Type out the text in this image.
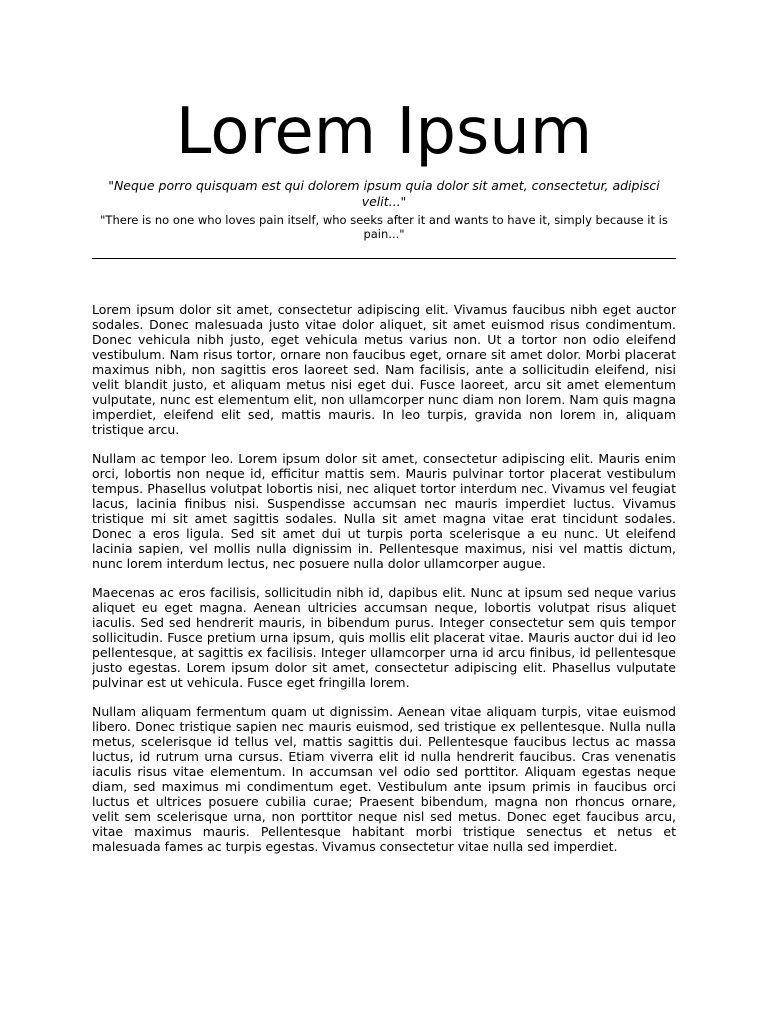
Lorem Ipsum

"Neque porro quisquam est qui dolorem ipsum quia dolor sit amet, consectetur, adipisci velit..."

"There is no one who loves pain itself, who seeks after it and wants to have it, simply because it is pain..."

Lorem ipsum dolor sit amet, consectetur adipiscing elit. Vivamus faucibus nibh eget auctor sodales. Donec malesuada justo vitae dolor aliquet, sit amet euismod risus condimentum. Donec vehicula nibh justo, eget vehicula metus varius non. Ut a tortor non odio eleifend vestibulum. Nam risus tortor, ornare non faucibus eget, ornare sit amet dolor. Morbi placerat maximus nibh, non sagittis eros laoreet sed. Nam facilisis, ante a sollicitudin eleifend, nisi velit blandit justo, et aliquam metus nisi eget dui. Fusce laoreet, arcu sit amet elementum vulputate, nunc est elementum elit, non ullamcorper nunc diam non lorem. Nam quis magna imperdiet, eleifend elit sed, mattis mauris. In leo turpis, gravida non lorem in, aliquam tristique arcu.

Nullam ac tempor leo. Lorem ipsum dolor sit amet, consectetur adipiscing elit. Mauris enim orci, lobortis non neque id, efficitur mattis sem. Mauris pulvinar tortor placerat vestibulum tempus. Phasellus volutpat lobortis nisi, nec aliquet tortor interdum nec. Vivamus vel feugiat lacus, lacinia finibus nisi. Suspendisse accumsan nec mauris imperdiet luctus. Vivamus tristique mi sit amet sagittis sodales. Nulla sit amet magna vitae erat tincidunt sodales. Donec a eros ligula. Sed sit amet dui ut turpis porta scelerisque a eu nunc. Ut eleifend lacinia sapien, vel mollis nulla dignissim in. Pellentesque maximus, nisi vel mattis dictum, nunc lorem interdum lectus, nec posuere nulla dolor ullamcorper augue.

Maecenas ac eros facilisis, sollicitudin nibh id, dapibus elit. Nunc at ipsum sed neque varius aliquet eu eget magna. Aenean ultricies accumsan neque, lobortis volutpat risus aliquet iaculis. Sed sed hendrerit mauris, in bibendum purus. Integer consectetur sem quis tempor sollicitudin. Fusce pretium urna ipsum, quis mollis elit placerat vitae. Mauris auctor dui id leo pellentesque, at sagittis ex facilisis. Integer ullamcorper urna id arcu finibus, id pellentesque justo egestas. Lorem ipsum dolor sit amet, consectetur adipiscing elit. Phasellus vulputate pulvinar est ut vehicula. Fusce eget fringilla lorem.

Nullam aliquam fermentum quam ut dignissim. Aenean vitae aliquam turpis, vitae euismod libero. Donec tristique sapien nec mauris euismod, sed tristique ex pellentesque. Nulla nulla metus, scelerisque id tellus vel, mattis sagittis dui. Pellentesque faucibus lectus ac massa luctus, id rutrum urna cursus. Etiam viverra elit id nulla hendrerit faucibus. Cras venenatis iaculis risus vitae elementum. In accumsan vel odio sed porttitor. Aliquam egestas neque diam, sed maximus mi condimentum eget. Vestibulum ante ipsum primis in faucibus orci luctus et ultrices posuere cubilia curae; Praesent bibendum, magna non rhoncus ornare, velit sem scelerisque urna, non porttitor neque nisl sed metus. Donec eget faucibus arcu, vitae maximus mauris. Pellentesque habitant morbi tristique senectus et netus et malesuada fames ac turpis egestas. Vivamus consectetur vitae nulla sed imperdiet.
